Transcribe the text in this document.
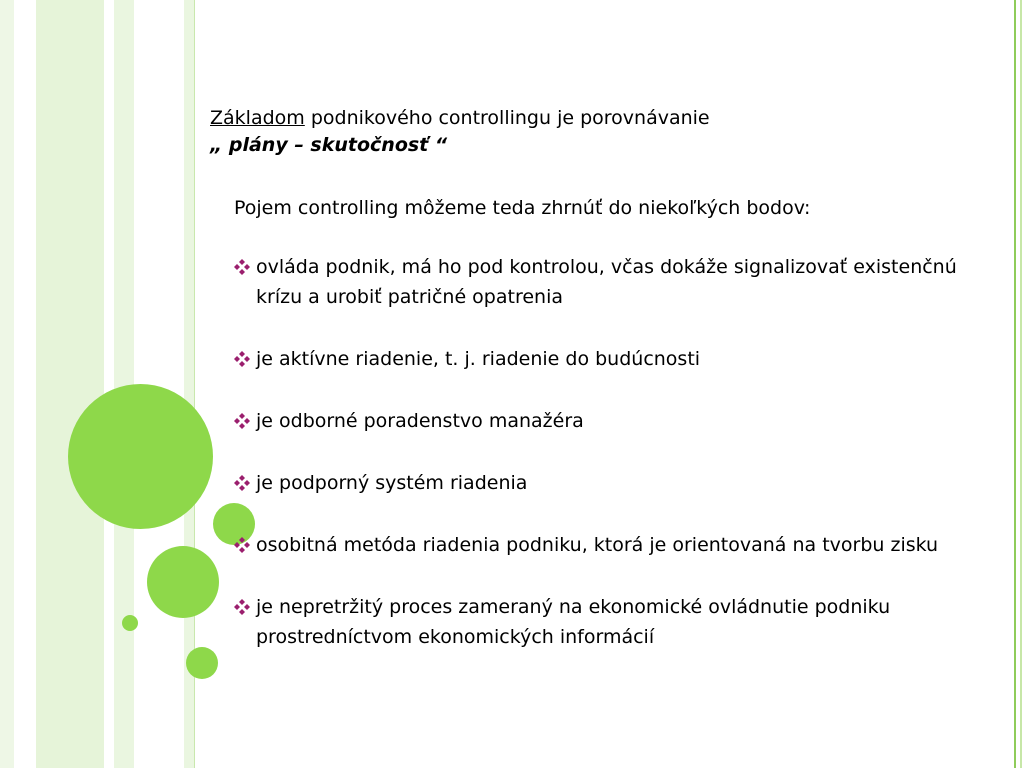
Základom podnikového controllingu je porovnávanie

„ plány – skutočnosť “

Pojem controlling môžeme teda zhrnúť do niekoľkých bodov:

ovláda podnik, má ho pod kontrolou, včas dokáže signalizovať existenčnú krízu a urobiť patričné opatrenia
je aktívne riadenie, t. j. riadenie do budúcnosti
je odborné poradenstvo manažéra
je podporný systém riadenia
osobitná metóda riadenia podniku, ktorá je orientovaná na tvorbu zisku
je nepretržitý proces zameraný na ekonomické ovládnutie podniku prostredníctvom ekonomických informácií
